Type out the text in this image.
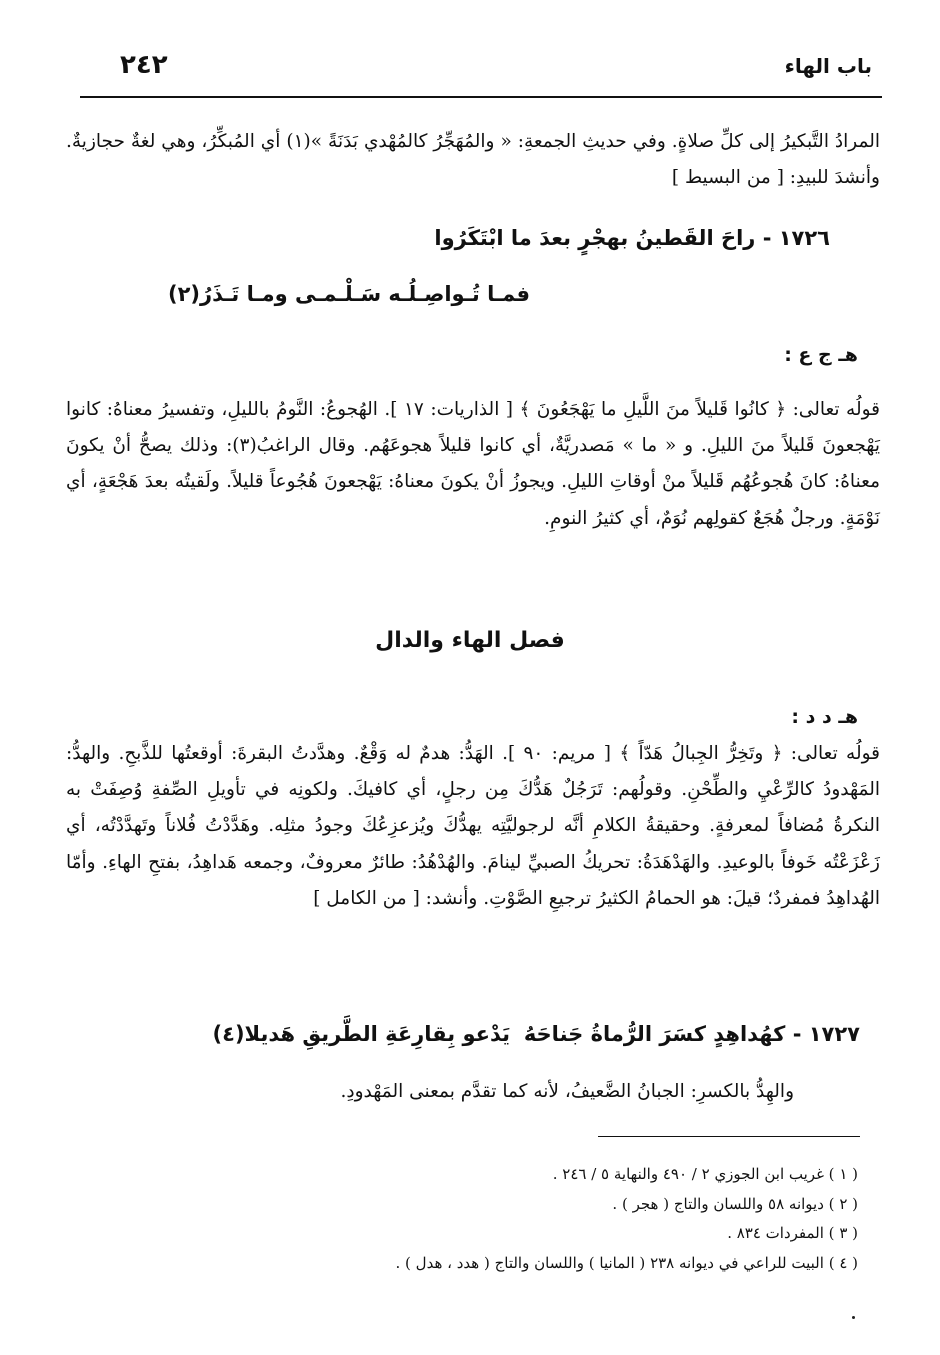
باب الهاء
٢٤٢

المرادُ التَّبكيرُ إلى كلِّ صلاةٍ. وفي حديثِ الجمعةِ: « والمُهَجِّرُ كالمُهْدي بَدَنَةً »(١) أي المُبكِّرُ، وهي لغةٌ حجازيةٌ. وأنشدَ للبيدِ: [ من البسيط ]

١٧٢٦ - راحَ القَطينُ بهجْرٍ بعدَ ما ابْتَكَرُوا
فمـا تُـواصِـلُـه سَـلْـمـى ومـا تَـذَرُ(٢)
هـ ج ع :

قولُه تعالى: ﴿ كانُوا قَليلاً منَ اللَّيلِ ما يَهْجَعُونَ ﴾ [ الذاريات: ١٧ ]. الهُجوعُ: النَّومُ بالليلِ، وتفسيرُ معناهُ: كانوا يَهْجعونَ قَليلاً منَ الليلِ. و « ما » مَصدريَّةٌ، أي كانوا قليلاً هجوعَهُم. وقال الراغبُ(٣): وذلك يصحُّ أنْ يكونَ معناهُ: كانَ هُجوعُهُم قَليلاً منْ أوقاتِ الليلِ. ويجوزُ أنْ يكونَ معناهُ: يَهْجعونَ هُجُوعاً قليلاً. ولَقيتُه بعدَ هَجْعَةٍ، أي نَوْمَةٍ. ورجلٌ هُجَعٌ كقولِهم نُوَمٌ، أي كثيرُ النومِ.

فصل الهاء والدال
هـ د د :

قولُه تعالى: ﴿ وتَخِرُّ الجِبالُ هَدّاً ﴾ [ مريم: ٩٠ ]. الهَدُّ: هدمٌ له وَقْعٌ. وهدَّدتُ البقرةَ: أوقعتُها للذَّبحِ. والهدُّ: المَهْدودُ كالرِّعْيِ والطِّحْنِ. وقولُهم: تَرَجُلٌ هَدُّكَ مِن رجلٍ، أي كافيكَ. ولكونِه في تأويلِ الصِّفةِ وُصِفَتْ به النكرةُ مُضافاً لمعرفةٍ. وحقيقةُ الكلامِ أنَّه لرجوليَّتِه يهدُّكَ ويُزعزِعُكَ وجودُ مثلِه. وهَدَّدْتُ فُلاناً وتَهدَّدْتُه، أي زَعْزَعْتُه خَوفاً بالوعيدِ. والهَدْهَدَةُ: تحريكُ الصبيِّ لينامَ. والهُدْهُدُ: طائرٌ معروفٌ، وجمعه هَداهِدُ، بفتحِ الهاءِ. وأمّا الهُداهِدُ فمفردٌ؛ قيلَ: هو الحمامُ الكثيرُ ترجيعِ الصَّوْتِ. وأنشد: [ من الكامل ]

١٧٢٧ - كهُداهِدٍ كسَرَ الرُّماةُ جَناحَهُ
يَدْعو بِقارِعَةِ الطَّريقِ هَديلا(٤)

والهِدُّ بالكسرِ: الجبانُ الضَّعيفُ، لأنه كما تقدَّم بمعنى المَهْدودِ.

( ١ ) غريب ابن الجوزي ٢ / ٤٩٠ والنهاية ٥ / ٢٤٦ .
( ٢ ) ديوانه ٥٨ واللسان والتاج ( هجر ) .
( ٣ ) المفردات ٨٣٤ .
( ٤ ) البيت للراعي في ديوانه ٢٣٨ ( المانيا ) واللسان والتاج ( هدد ، هدل ) .
